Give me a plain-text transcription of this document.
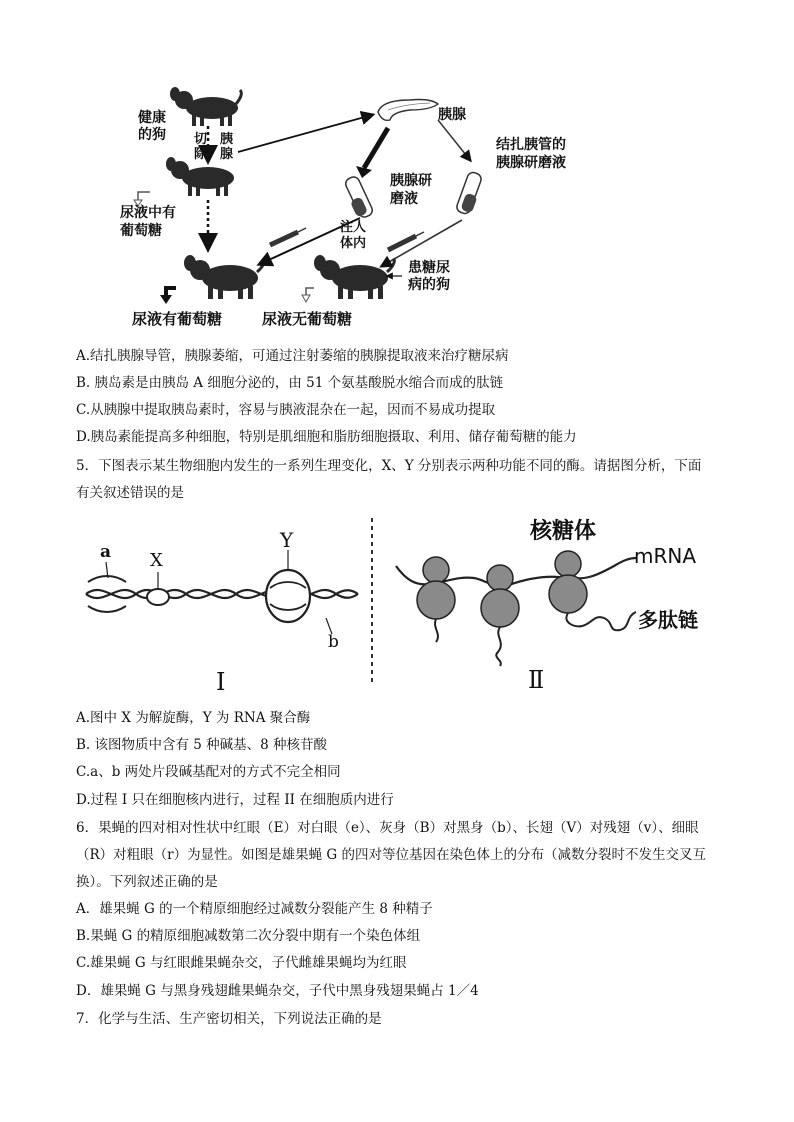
健康
的狗 切
除
胰
腺
胰腺
结扎胰管的
胰腺研磨液
胰腺研
磨液
尿液中有
葡萄糖	注人
体内
患糖尿
病的狗
尿液有葡萄糖	尿液无葡萄糖
A.结扎胰腺导管，胰腺萎缩，可通过注射萎缩的胰腺提取液来治疗糖尿病
B. 胰岛素是由胰岛 A 细胞分泌的，由 51 个氨基酸脱水缩合而成的肽链
C.从胰腺中提取胰岛素时，容易与胰液混杂在一起，因而不易成功提取
D.胰岛素能提高多种细胞，特别是肌细胞和脂肪细胞摄取、利用、储存葡萄糖的能力
5．下图表示某生物细胞内发生的一系列生理变化，X、Y 分别表示两种功能不同的酶。请据图分析，下面
有关叙述错误的是
a X
Y
b
I
核糖体
mRNA
多肽链
Ⅱ
A.图中 X 为解旋酶，Y 为 RNA 聚合酶
B. 该图物质中含有 5 种碱基、8 种核苷酸
C.a、b 两处片段碱基配对的方式不完全相同
D.过程 I 只在细胞核内进行，过程 II 在细胞质内进行
6．果蝇的四对相对性状中红眼（E）对白眼（e）、灰身（B）对黑身（b）、长翅（V）对残翅（v）、细眼
（R）对粗眼（r）为显性。如图是雄果蝇 G 的四对等位基因在染色体上的分布（减数分裂时不发生交叉互
换）。下列叙述正确的是
A．雄果蝇 G 的一个精原细胞经过减数分裂能产生 8 种精子
B.果蝇 G 的精原细胞减数第二次分裂中期有一个染色体组
C.雄果蝇 G 与红眼雌果蝇杂交，子代雌雄果蝇均为红眼
D．雄果蝇 G 与黑身残翅雌果蝇杂交，子代中黑身残翅果蝇占 1／4
7．化学与生活、生产密切相关，下列说法正确的是
